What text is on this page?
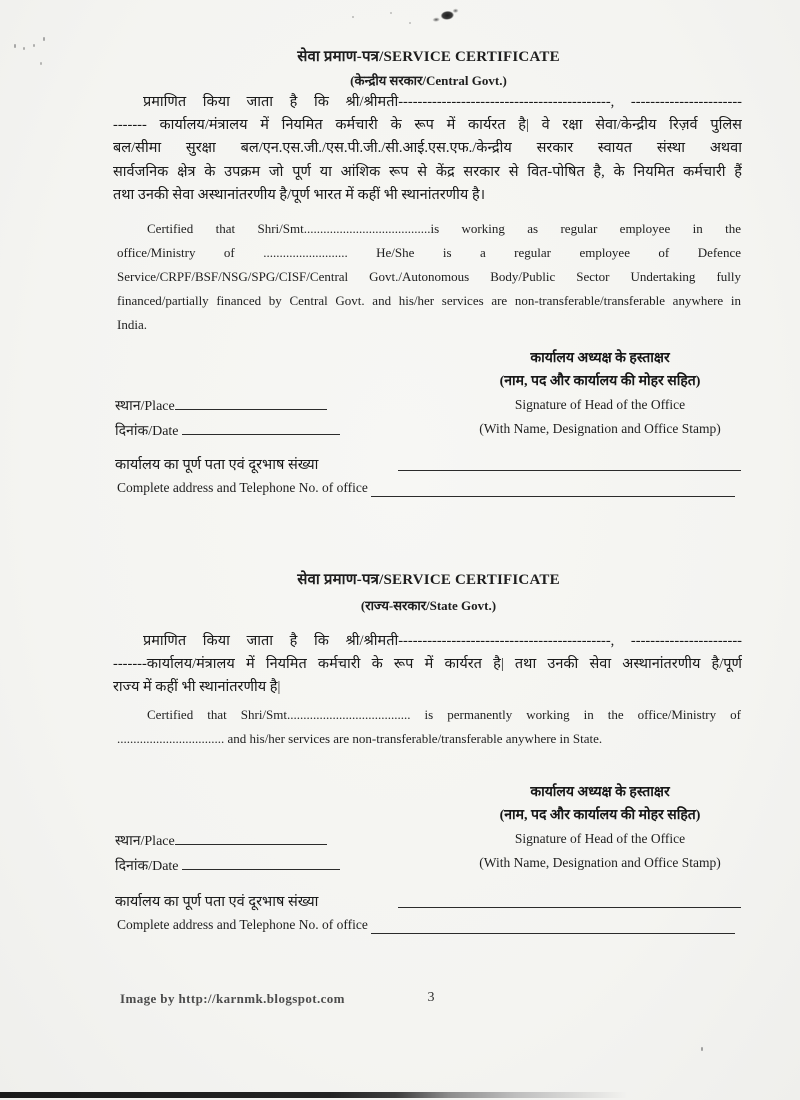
सेवा प्रमाण-पत्र/SERVICE CERTIFICATE
(केन्द्रीय सरकार/Central Govt.)
प्रमाणित किया जाता है कि श्री/श्रीमती--------------------------------------------, -----------------------
------- कार्यालय/मंत्रालय में नियमित कर्मचारी के रूप में कार्यरत है| वे रक्षा सेवा/केन्द्रीय रिज़र्व पुलिस
बल/सीमा सुरक्षा बल/एन.एस.जी./एस.पी.जी./सी.आई.एस.एफ./केन्द्रीय सरकार स्वायत संस्था अथवा
सार्वजनिक क्षेत्र के उपक्रम जो पूर्ण या आंशिक रूप से केंद्र सरकार से वित-पोषित है, के नियमित कर्मचारी हैं
तथा उनकी सेवा अस्थानांतरणीय है/पूर्ण भारत में कहीं भी स्थानांतरणीय है।
Certified that Shri/Smt.......................................is working as regular employee in the
office/Ministry of .......................... He/She is a regular employee of Defence
Service/CRPF/BSF/NSG/SPG/CISF/Central Govt./Autonomous Body/Public Sector Undertaking fully
financed/partially financed by Central Govt. and his/her services are non-transferable/transferable anywhere in
India.
कार्यालय अध्यक्ष के हस्ताक्षर
(नाम, पद और कार्यालय की मोहर सहित)
Signature of Head of the Office
(With Name, Designation and Office Stamp)
स्थान/Place
दिनांक/Date
कार्यालय का पूर्ण पता एवं दूरभाष संख्या
Complete address and Telephone No. of office
सेवा प्रमाण-पत्र/SERVICE CERTIFICATE
(राज्य-सरकार/State Govt.)
प्रमाणित किया जाता है कि श्री/श्रीमती--------------------------------------------, -----------------------
-------कार्यालय/मंत्रालय में नियमित कर्मचारी के रूप में कार्यरत है| तथा उनकी सेवा अस्थानांतरणीय है/पूर्ण
राज्य में कहीं भी स्थानांतरणीय है|
Certified that Shri/Smt...................................... is permanently working in the office/Ministry of
................................. and his/her services are non-transferable/transferable anywhere in State.
कार्यालय अध्यक्ष के हस्ताक्षर
(नाम, पद और कार्यालय की मोहर सहित)
Signature of Head of the Office
(With Name, Designation and Office Stamp)
स्थान/Place
दिनांक/Date
कार्यालय का पूर्ण पता एवं दूरभाष संख्या
Complete address and Telephone No. of office
Image by http://karnmk.blogspot.com	3
